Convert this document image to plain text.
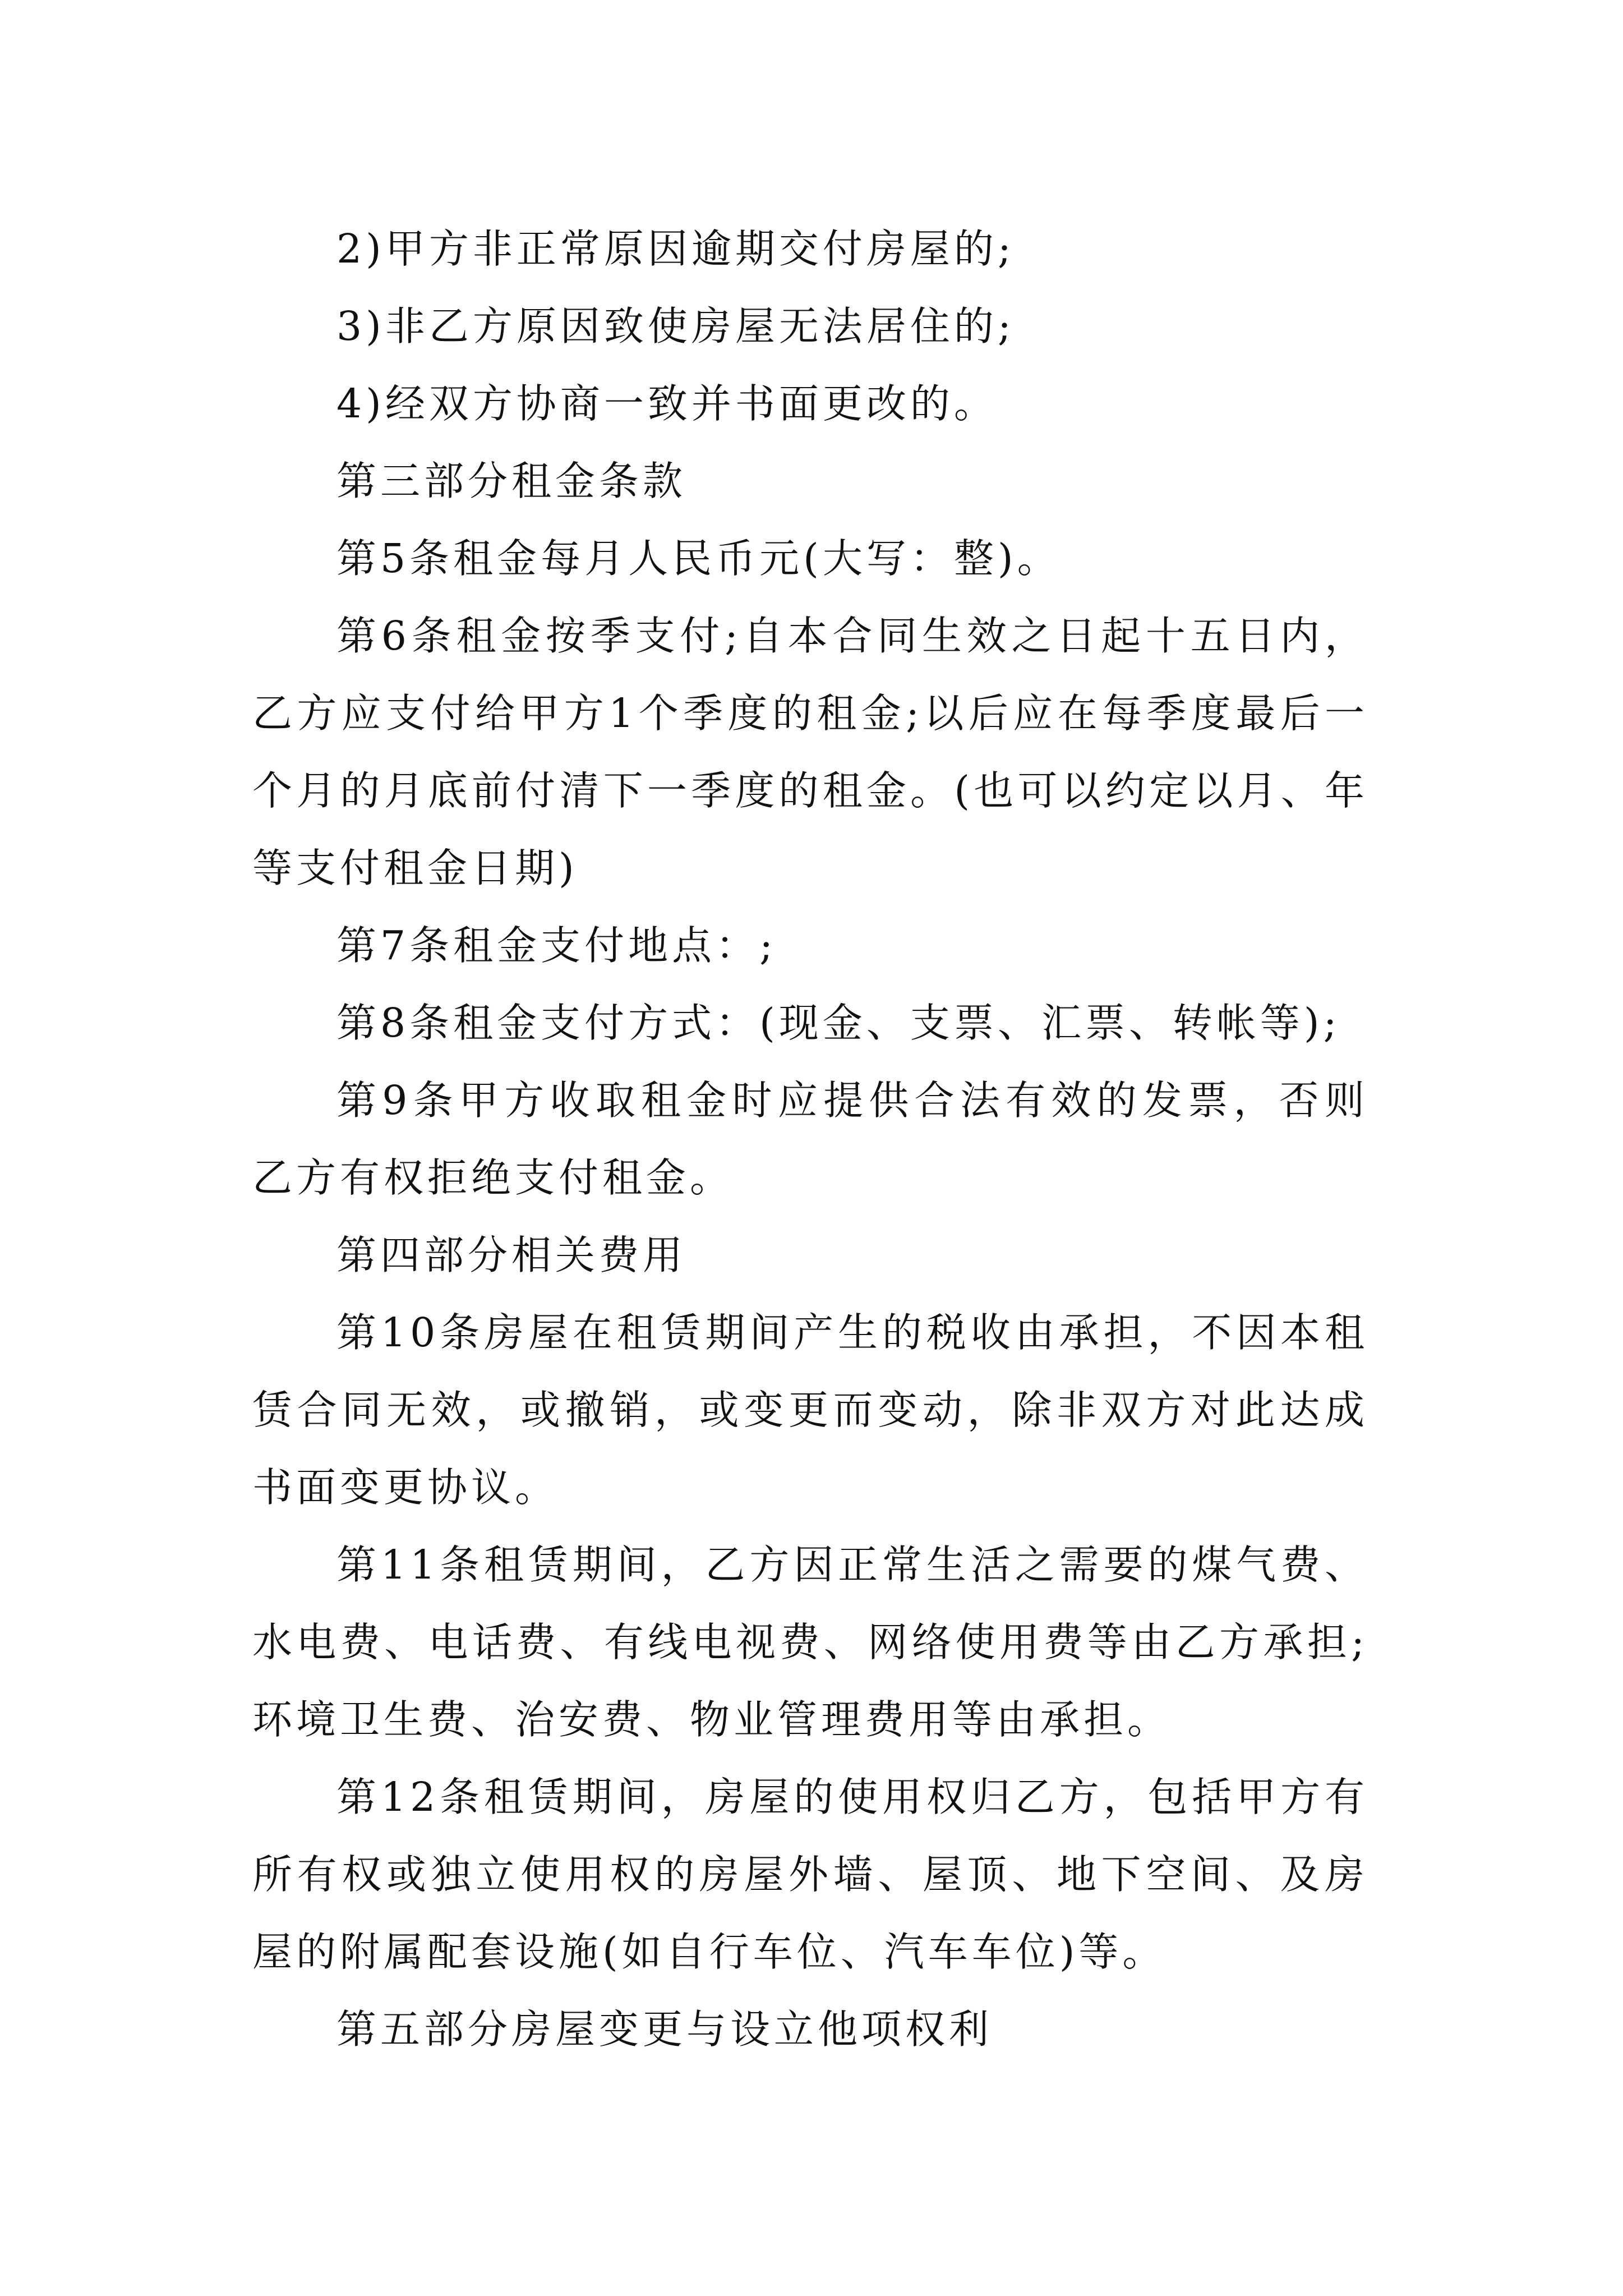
2)甲方非正常原因逾期交付房屋的;

3)非乙方原因致使房屋无法居住的;

4)经双方协商一致并书面更改的。

第三部分租金条款

第5条租金每月人民币元(大写：整)。

第6条租金按季支付;自本合同生效之日起十五日内，乙方应支付给甲方1个季度的租金;以后应在每季度最后一个月的月底前付清下一季度的租金。(也可以约定以月、年等支付租金日期)

第7条租金支付地点：;

第8条租金支付方式：(现金、支票、汇票、转帐等);

第9条甲方收取租金时应提供合法有效的发票，否则乙方有权拒绝支付租金。

第四部分相关费用

第10条房屋在租赁期间产生的税收由承担，不因本租赁合同无效，或撤销，或变更而变动，除非双方对此达成书面变更协议。

第11条租赁期间，乙方因正常生活之需要的煤气费、水电费、电话费、有线电视费、网络使用费等由乙方承担;环境卫生费、治安费、物业管理费用等由承担。

第12条租赁期间，房屋的使用权归乙方，包括甲方有所有权或独立使用权的房屋外墙、屋顶、地下空间、及房屋的附属配套设施(如自行车位、汽车车位)等。

第五部分房屋变更与设立他项权利
